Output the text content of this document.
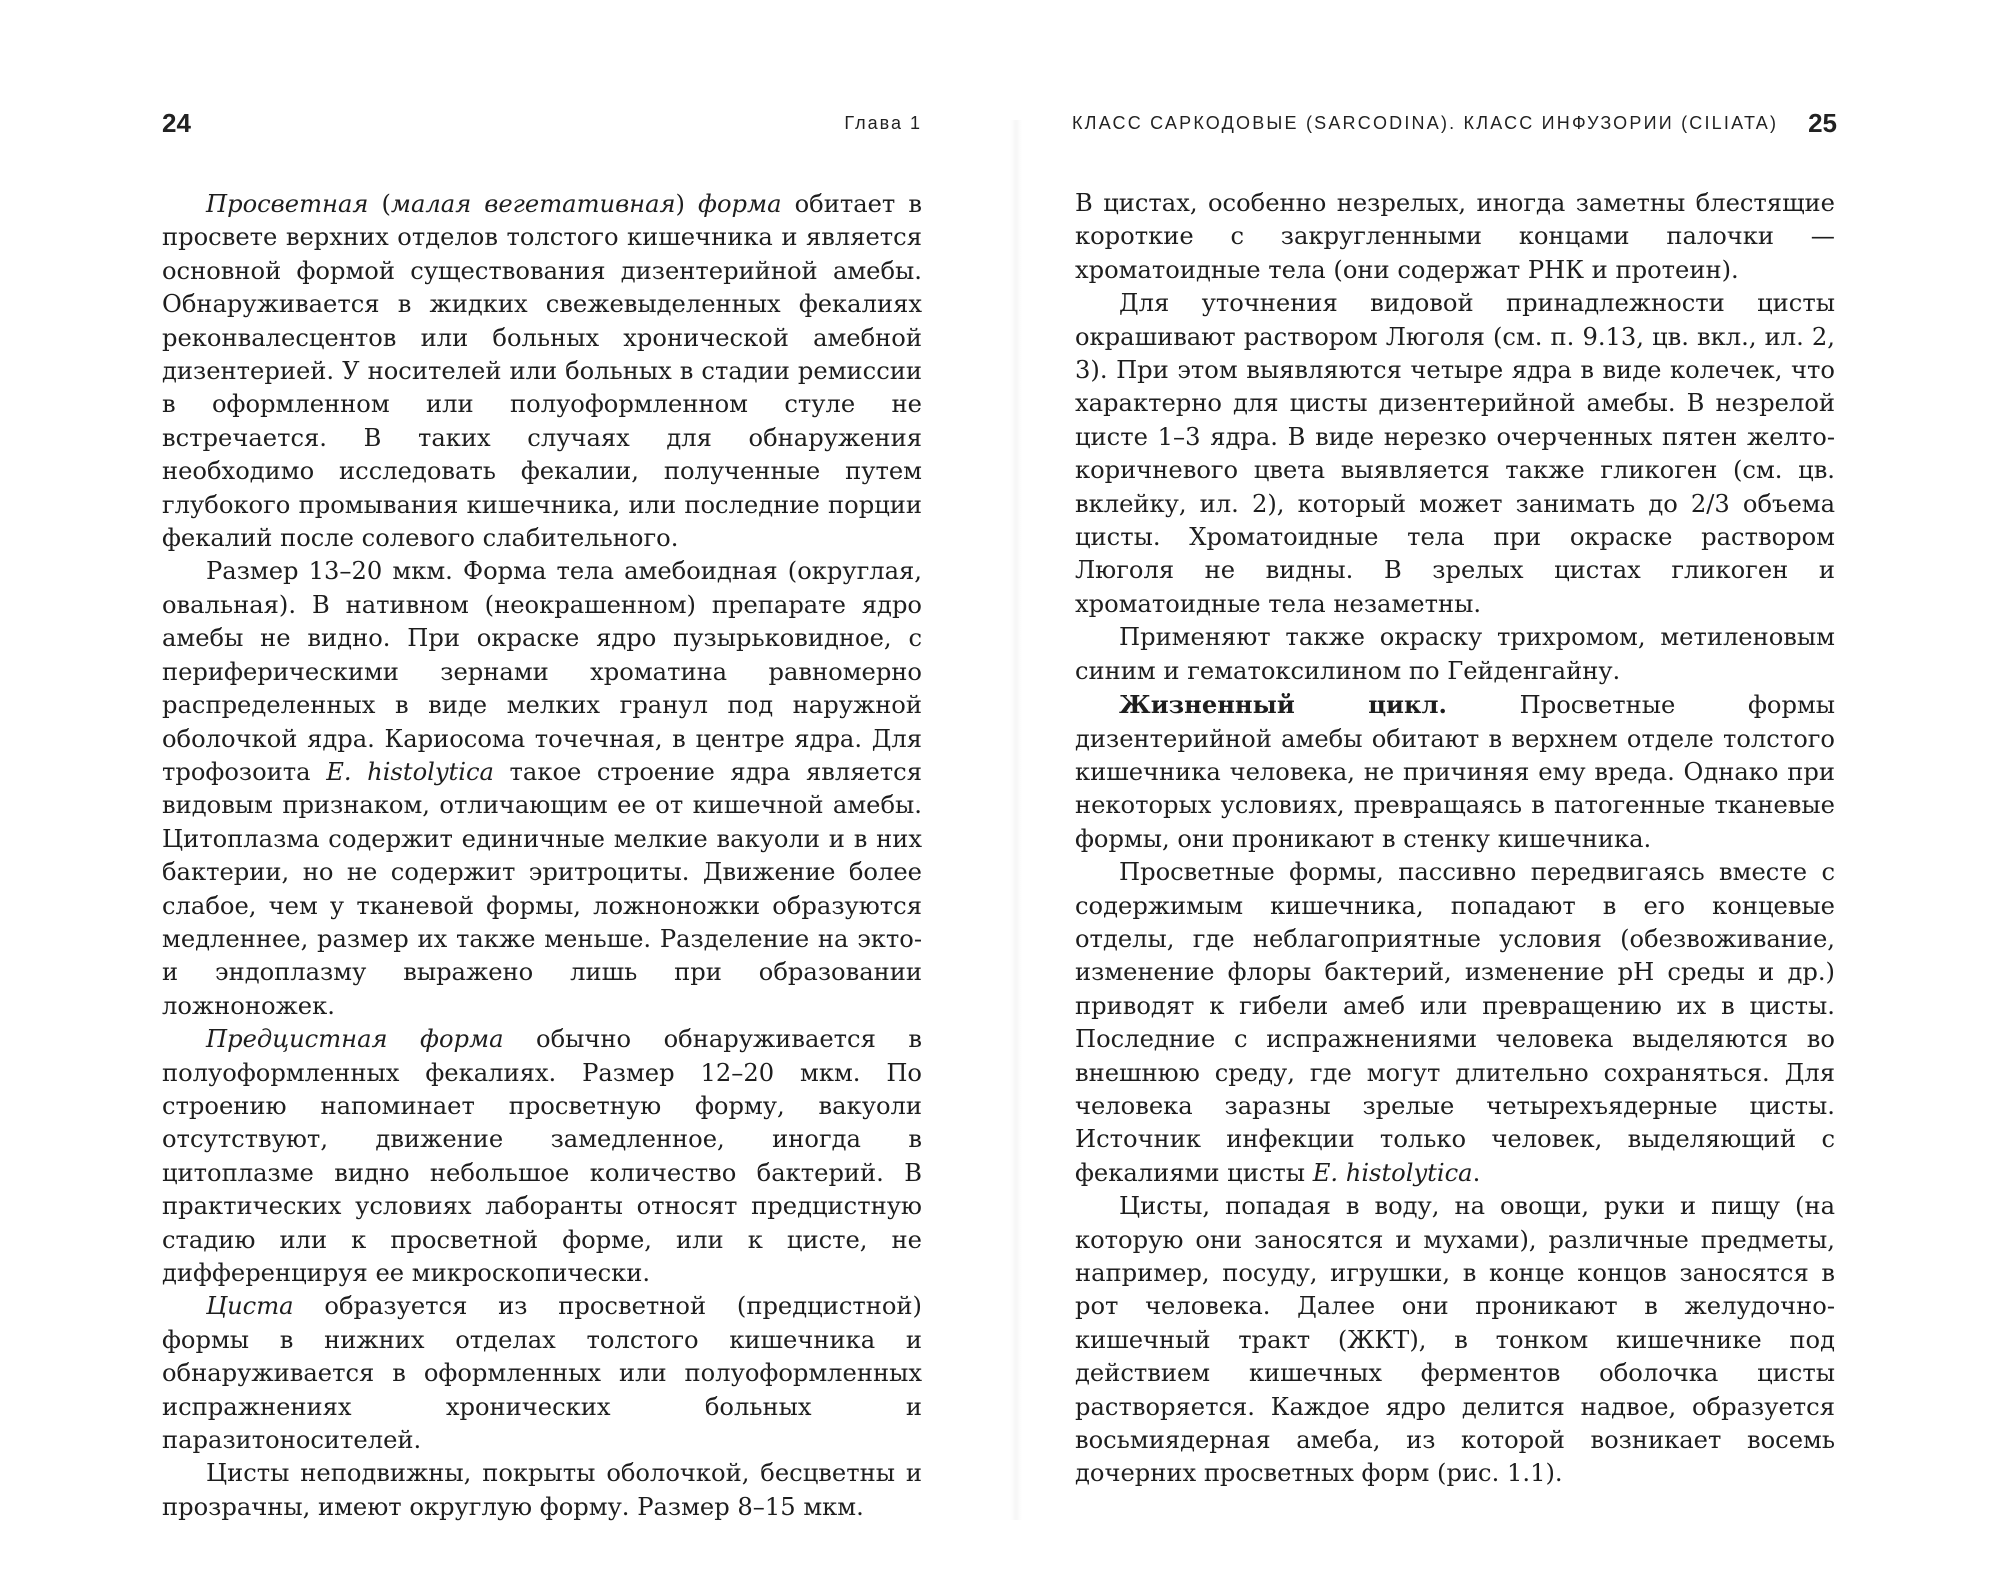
24	Глава 1

Просветная (малая вегетативная) форма обитает в просвете верхних отделов толстого кишечника и является основной формой существования дизентерийной амебы. Обнаруживается в жидких свежевыделенных фекалиях реконвалесцентов или больных хронической амебной дизентерией. У носителей или больных в стадии ремиссии в оформленном или полуоформленном стуле не встречается. В таких случаях для обнаружения необходимо исследовать фекалии, полученные путем глубокого промывания кишечника, или последние порции фекалий после солевого слабительного.

Размер 13–20 мкм. Форма тела амебоидная (округлая, овальная). В нативном (неокрашенном) препарате ядро амебы не видно. При окраске ядро пузырьковидное, с периферическими зернами хроматина равномерно распределенных в виде мелких гранул под наружной оболочкой ядра. Кариосома точечная, в центре ядра. Для трофозоита E. histolytica такое строение ядра является видовым признаком, отличающим ее от кишечной амебы. Цитоплазма содержит единичные мелкие вакуоли и в них бактерии, но не содержит эритроциты. Движение более слабое, чем у тканевой формы, ложноножки образуются медленнее, размер их также меньше. Разделение на экто- и эндоплазму выражено лишь при образовании ложноножек.

Предцистная форма обычно обнаруживается в полуоформленных фекалиях. Размер 12–20 мкм. По строению напоминает просветную форму, вакуоли отсутствуют, движение замедленное, иногда в цитоплазме видно небольшое количество бактерий. В практических условиях лаборанты относят предцистную стадию или к просветной форме, или к цисте, не дифференцируя ее микроскопически.

Циста образуется из просветной (предцистной) формы в нижних отделах толстого кишечника и обнаруживается в оформленных или полуоформленных испражнениях хронических больных и паразитоносителей.

Цисты неподвижны, покрыты оболочкой, бесцветны и прозрачны, имеют округлую форму. Размер 8–15 мкм.

КЛАСС САРКОДОВЫЕ (SARCODINA). КЛАСС ИНФУЗОРИИ (CILIATA) 25

В цистах, особенно незрелых, иногда заметны блестящие короткие с закругленными концами палочки — хроматоидные тела (они содержат РНК и протеин).

Для уточнения видовой принадлежности цисты окрашивают раствором Люголя (см. п. 9.13, цв. вкл., ил. 2, 3). При этом выявляются четыре ядра в виде колечек, что характерно для цисты дизентерийной амебы. В незрелой цисте 1–3 ядра. В виде нерезко очерченных пятен желто-коричневого цвета выявляется также гликоген (см. цв. вклейку, ил. 2), который может занимать до 2/3 объема цисты. Хроматоидные тела при окраске раствором Люголя не видны. В зрелых цистах гликоген и хроматоидные тела незаметны.

Применяют также окраску трихромом, метиленовым синим и гематоксилином по Гейденгайну.

Жизненный цикл. Просветные формы дизентерийной амебы обитают в верхнем отделе толстого кишечника человека, не причиняя ему вреда. Однако при некоторых условиях, превращаясь в патогенные тканевые формы, они проникают в стенку кишечника.

Просветные формы, пассивно передвигаясь вместе с содержимым кишечника, попадают в его концевые отделы, где неблагоприятные условия (обезвоживание, изменение флоры бактерий, изменение pH среды и др.) приводят к гибели амеб или превращению их в цисты. Последние с испражнениями человека выделяются во внешнюю среду, где могут длительно сохраняться. Для человека заразны зрелые четырехъядерные цисты. Источник инфекции только человек, выделяющий с фекалиями цисты E. histolytica.

Цисты, попадая в воду, на овощи, руки и пищу (на которую они заносятся и мухами), различные предметы, например, посуду, игрушки, в конце концов заносятся в рот человека. Далее они проникают в желудочно-кишечный тракт (ЖКТ), в тонком кишечнике под действием кишечных ферментов оболочка цисты растворяется. Каждое ядро делится надвое, образуется восьмиядерная амеба, из которой возникает восемь дочерних просветных форм (рис. 1.1).
